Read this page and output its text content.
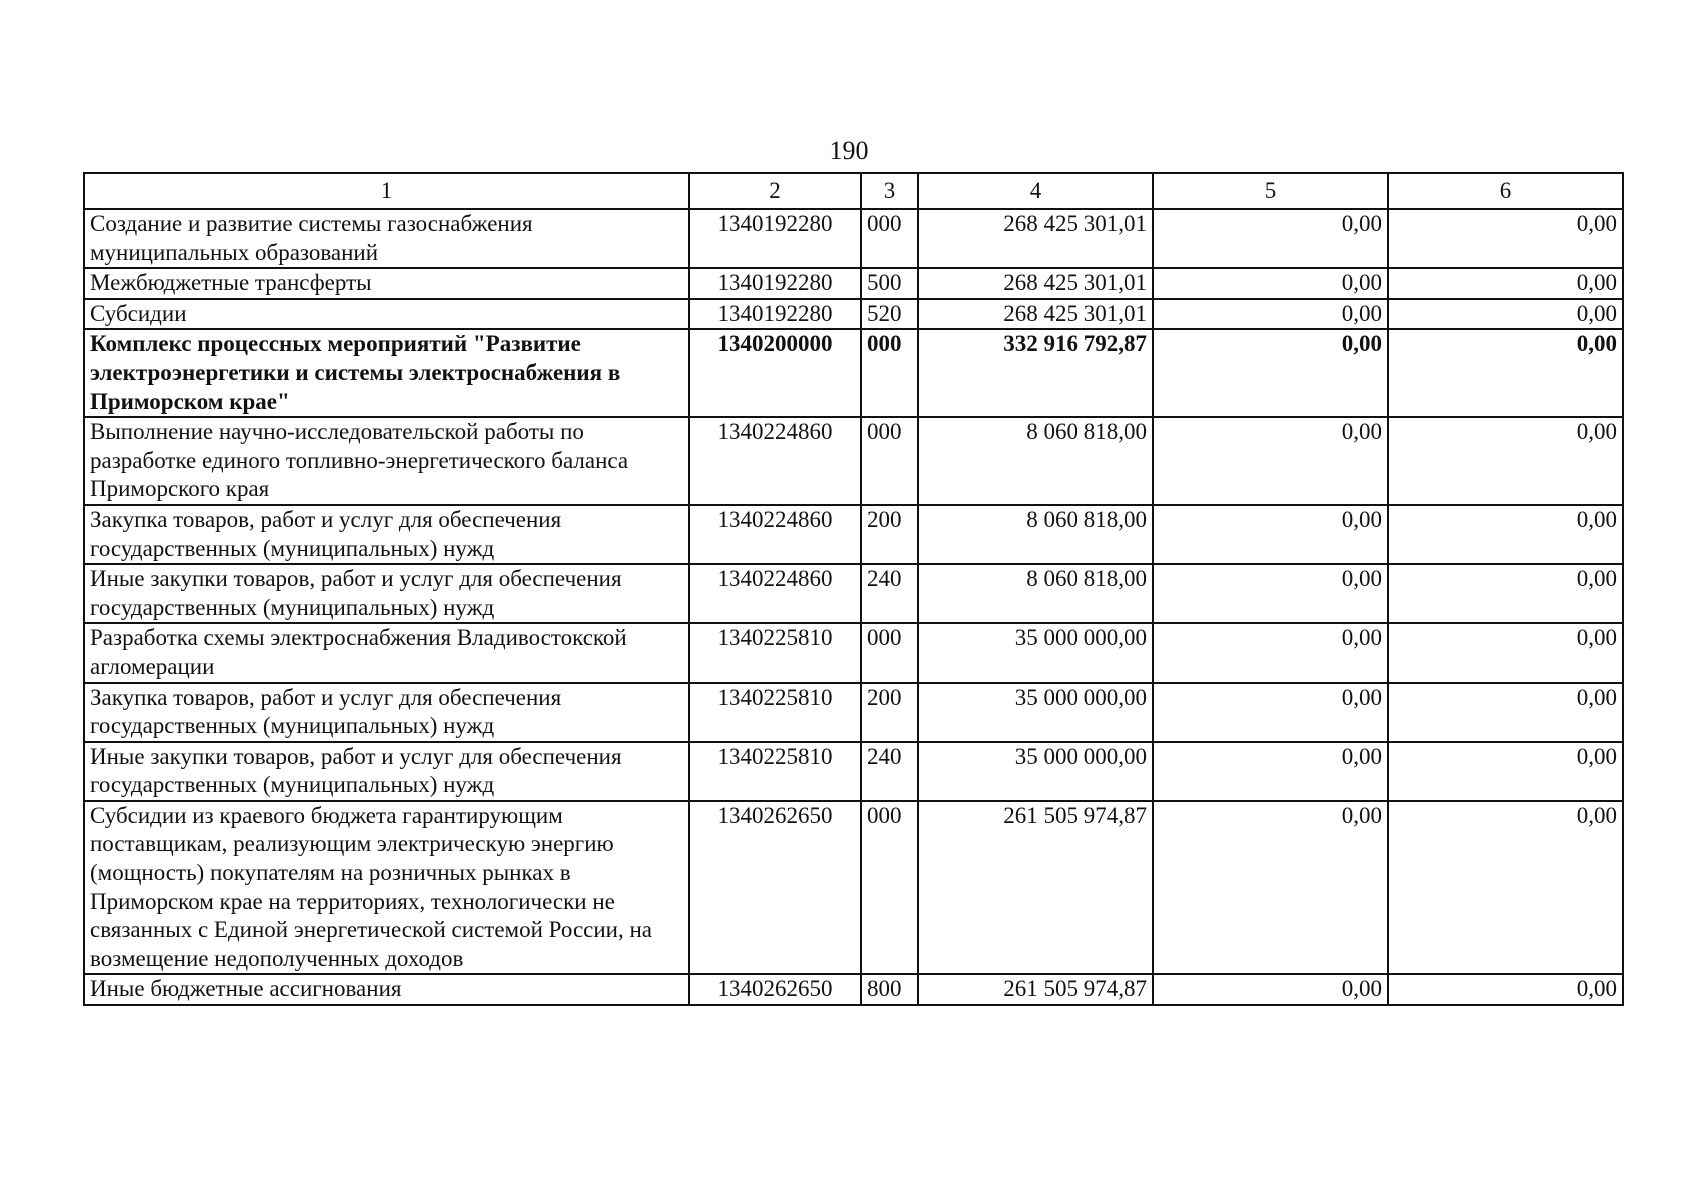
190
1	2	3	4	5	6
Создание и развитие системы газоснабжения муниципальных образований	1340192280	000	268 425 301,01	0,00	0,00
Межбюджетные трансферты	1340192280	500	268 425 301,01	0,00	0,00
Субсидии	1340192280	520	268 425 301,01	0,00	0,00
Комплекс процессных мероприятий "Развитие электроэнергетики и системы электроснабжения в Приморском крае"	1340200000	000	332 916 792,87	0,00	0,00
Выполнение научно-исследовательской работы по разработке единого топливно-энергетического баланса Приморского края	1340224860	000	8 060 818,00	0,00	0,00
Закупка товаров, работ и услуг для обеспечения государственных (муниципальных) нужд	1340224860	200	8 060 818,00	0,00	0,00
Иные закупки товаров, работ и услуг для обеспечения государственных (муниципальных) нужд	1340224860	240	8 060 818,00	0,00	0,00
Разработка схемы электроснабжения Владивостокской агломерации	1340225810	000	35 000 000,00	0,00	0,00
Закупка товаров, работ и услуг для обеспечения государственных (муниципальных) нужд	1340225810	200	35 000 000,00	0,00	0,00
Иные закупки товаров, работ и услуг для обеспечения государственных (муниципальных) нужд	1340225810	240	35 000 000,00	0,00	0,00
Субсидии из краевого бюджета гарантирующим поставщикам, реализующим электрическую энергию (мощность) покупателям на розничных рынках в Приморском крае на территориях, технологически не связанных с Единой энергетической системой России, на возмещение недополученных доходов	1340262650	000	261 505 974,87	0,00	0,00
Иные бюджетные ассигнования	1340262650	800	261 505 974,87	0,00	0,00
